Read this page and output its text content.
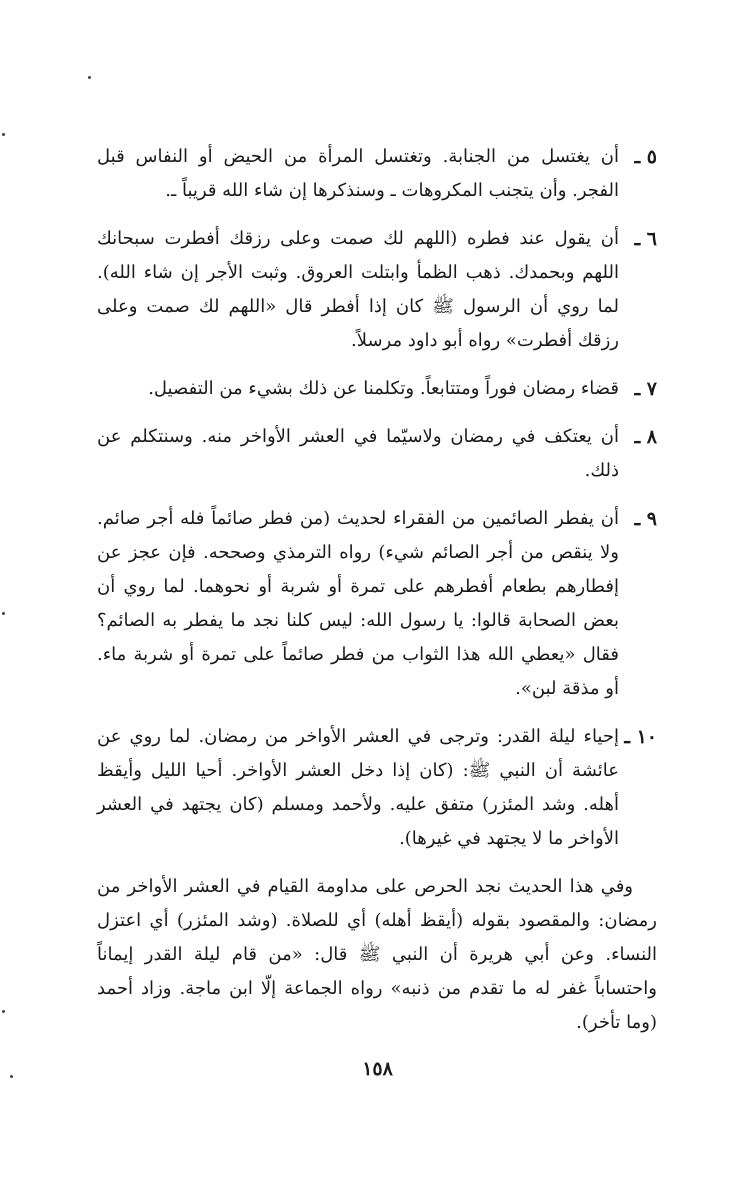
٥ ـ
أن يغتسل من الجنابة. وتغتسل المرأة من الحيض أو النفاس قبل الفجر. وأن يتجنب المكروهات ـ وسنذكرها إن شاء الله قريباً ـ.
٦ ـ
أن يقول عند فطره (اللهم لك صمت وعلى رزقك أفطرت سبحانك اللهم وبحمدك. ذهب الظمأ وابتلت العروق. وثبت الأجر إن شاء الله). لما روي أن الرسول ﷺ كان إذا أفطر قال «اللهم لك صمت وعلى رزقك أفطرت» رواه أبو داود مرسلاً.
٧ ـ
قضاء رمضان فوراً ومتتابعاً. وتكلمنا عن ذلك بشيء من التفصيل.
٨ ـ
أن يعتكف في رمضان ولاسيّما في العشر الأواخر منه. وسنتكلم عن ذلك.
٩ ـ
أن يفطر الصائمين من الفقراء لحديث (من فطر صائماً فله أجر صائم. ولا ينقص من أجر الصائم شيء) رواه الترمذي وصححه. فإن عجز عن إفطارهم بطعام أفطرهم على تمرة أو شربة أو نحوهما. لما روي أن بعض الصحابة قالوا: يا رسول الله: ليس كلنا نجد ما يفطر به الصائم؟ فقال «يعطي الله هذا الثواب من فطر صائماً على تمرة أو شربة ماء. أو مذقة لبن».
١٠ ـ
إحياء ليلة القدر: وترجى في العشر الأواخر من رمضان. لما روي عن عائشة أن النبي ﷺ: (كان إذا دخل العشر الأواخر. أحيا الليل وأيقظ أهله. وشد المئزر) متفق عليه. ولأحمد ومسلم (كان يجتهد في العشر الأواخر ما لا يجتهد في غيرها).

وفي هذا الحديث نجد الحرص على مداومة القيام في العشر الأواخر من رمضان: والمقصود بقوله (أيقظ أهله) أي للصلاة. (وشد المئزر) أي اعتزل النساء. وعن أبي هريرة أن النبي ﷺ قال: «من قام ليلة القدر إيماناً واحتساباً غفر له ما تقدم من ذنبه» رواه الجماعة إلّا ابن ماجة. وزاد أحمد (وما تأخر).

١٥٨
